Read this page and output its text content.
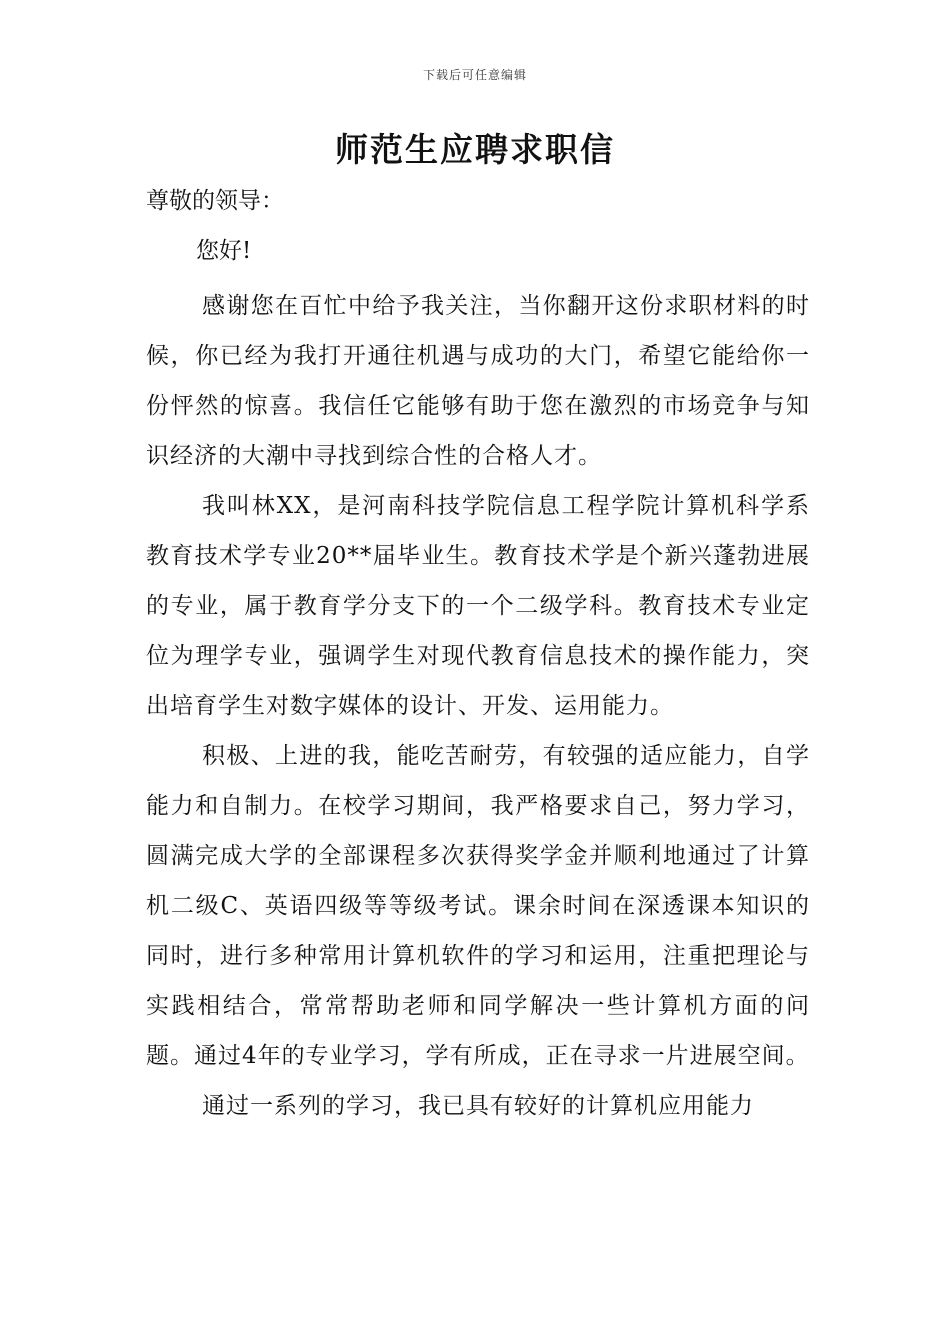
下载后可任意编辑
师范生应聘求职信

尊敬的领导：

您好!

感谢您在百忙中给予我关注，当你翻开这份求职材料的时候，你已经为我打开通往机遇与成功的大门，希望它能给你一份怦然的惊喜。我信任它能够有助于您在激烈的市场竞争与知识经济的大潮中寻找到综合性的合格人才。

我叫林XX，是河南科技学院信息工程学院计算机科学系教育技术学专业20**届毕业生。教育技术学是个新兴蓬勃进展的专业，属于教育学分支下的一个二级学科。教育技术专业定位为理学专业，强调学生对现代教育信息技术的操作能力，突出培育学生对数字媒体的设计、开发、运用能力。

积极、上进的我，能吃苦耐劳，有较强的适应能力，自学能力和自制力。在校学习期间，我严格要求自己，努力学习，圆满完成大学的全部课程多次获得奖学金并顺利地通过了计算机二级C、英语四级等等级考试。课余时间在深透课本知识的同时，进行多种常用计算机软件的学习和运用，注重把理论与实践相结合，常常帮助老师和同学解决一些计算机方面的问题。通过4年的专业学习，学有所成，正在寻求一片进展空间。

通过一系列的学习，我已具有较好的计算机应用能力
